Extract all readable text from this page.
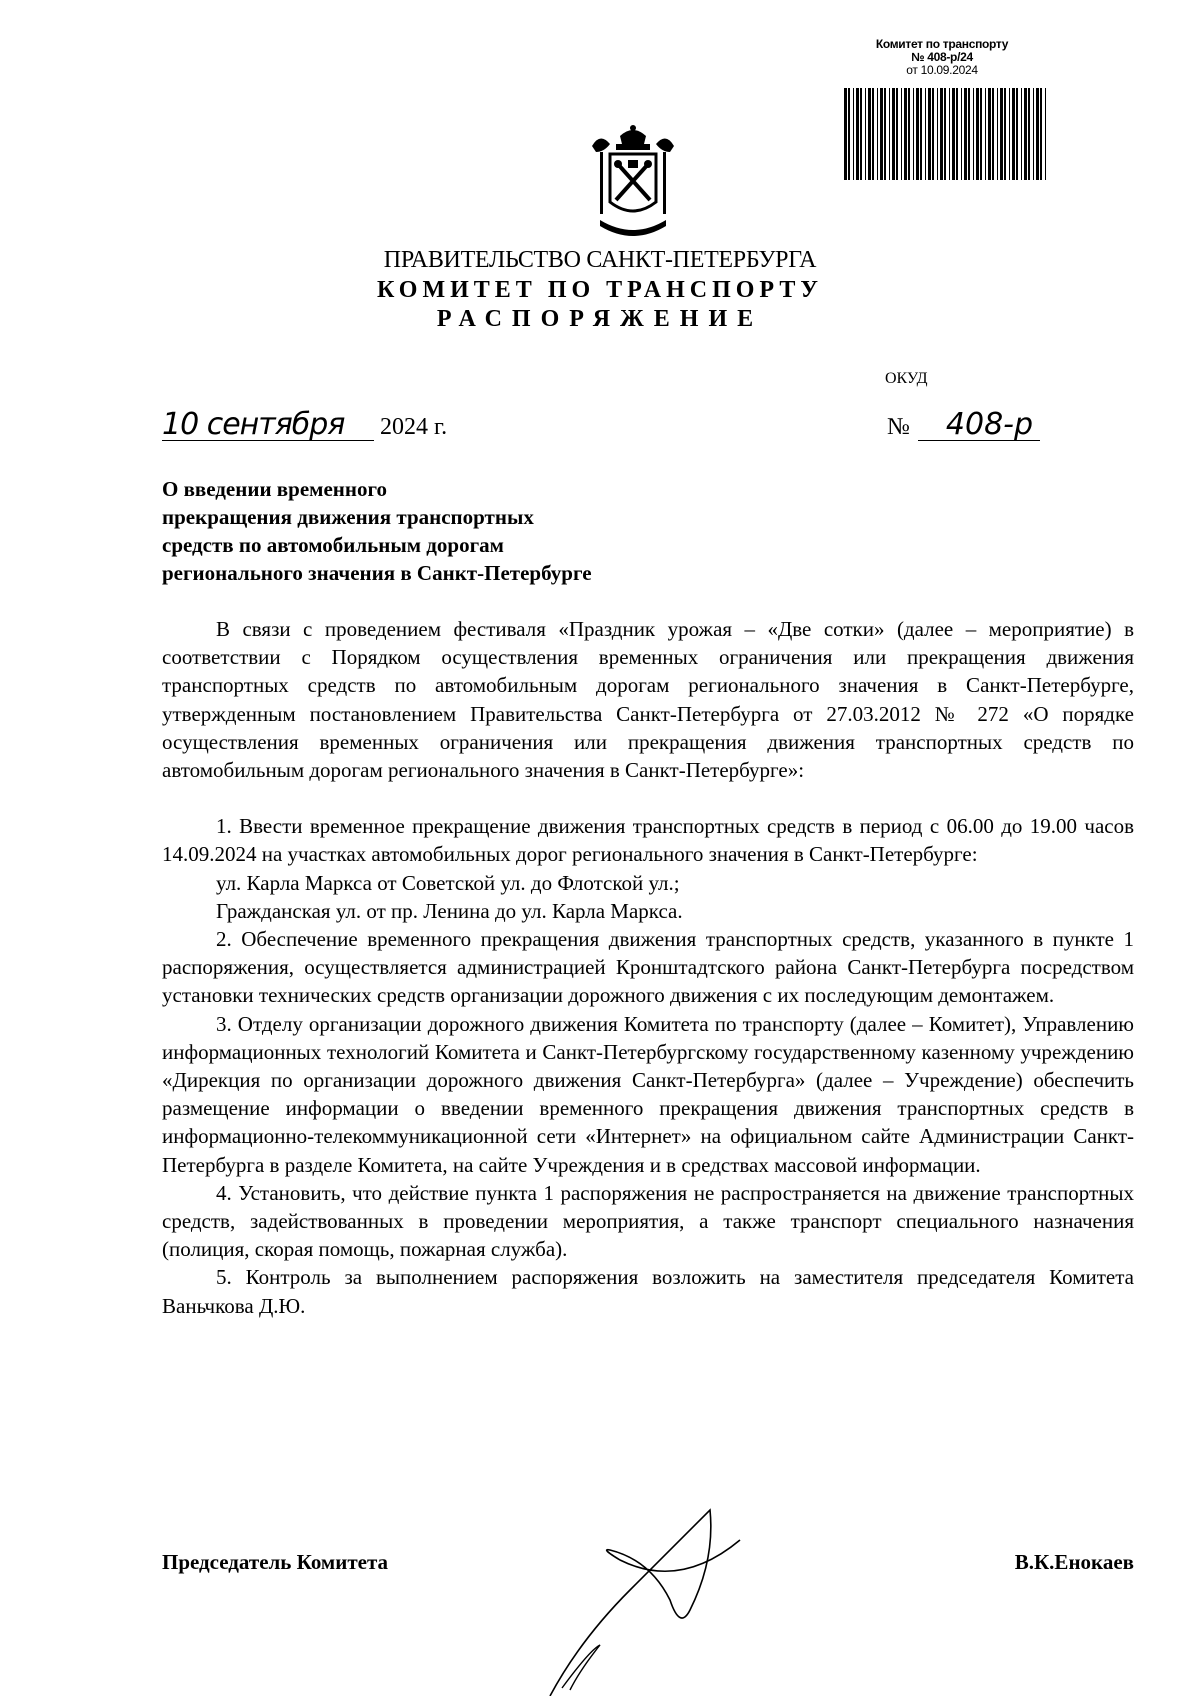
Комитет по транспорту
№ 408-р/24
от 10.09.2024
ПРАВИТЕЛЬСТВО САНКТ-ПЕТЕРБУРГА
КОМИТЕТ ПО ТРАНСПОРТУ
РАСПОРЯЖЕНИЕ
ОКУД
10 сентября 2024 г.	№ 408-р
О введении временного
прекращения движения транспортных
средств по автомобильным дорогам
регионального значения в Санкт-Петербурге

В связи с проведением фестиваля «Праздник урожая – «Две сотки» (далее – мероприятие) в соответствии с Порядком осуществления временных ограничения или прекращения движения транспортных средств по автомобильным дорогам регионального значения в Санкт-Петербурге, утвержденным постановлением Правительства Санкт-Петербурга от 27.03.2012 № 272 «О порядке осуществления временных ограничения или прекращения движения транспортных средств по автомобильным дорогам регионального значения в Санкт-Петербурге»:

1. Ввести временное прекращение движения транспортных средств в период с 06.00 до 19.00 часов 14.09.2024 на участках автомобильных дорог регионального значения в Санкт-Петербурге:

ул. Карла Маркса от Советской ул. до Флотской ул.;

Гражданская ул. от пр. Ленина до ул. Карла Маркса.

2. Обеспечение временного прекращения движения транспортных средств, указанного в пункте 1 распоряжения, осуществляется администрацией Кронштадтского района Санкт-Петербурга посредством установки технических средств организации дорожного движения с их последующим демонтажем.

3. Отделу организации дорожного движения Комитета по транспорту (далее – Комитет), Управлению информационных технологий Комитета и Санкт-Петербургскому государственному казенному учреждению «Дирекция по организации дорожного движения Санкт-Петербурга» (далее – Учреждение) обеспечить размещение информации о введении временного прекращения движения транспортных средств в информационно-телекоммуникационной сети «Интернет» на официальном сайте Администрации Санкт-Петербурга в разделе Комитета, на сайте Учреждения и в средствах массовой информации.

4. Установить, что действие пункта 1 распоряжения не распространяется на движение транспортных средств, задействованных в проведении мероприятия, а также транспорт специального назначения (полиция, скорая помощь, пожарная служба).

5. Контроль за выполнением распоряжения возложить на заместителя председателя Комитета Ваньчкова Д.Ю.

Председатель Комитета	В.К.Енокаев
